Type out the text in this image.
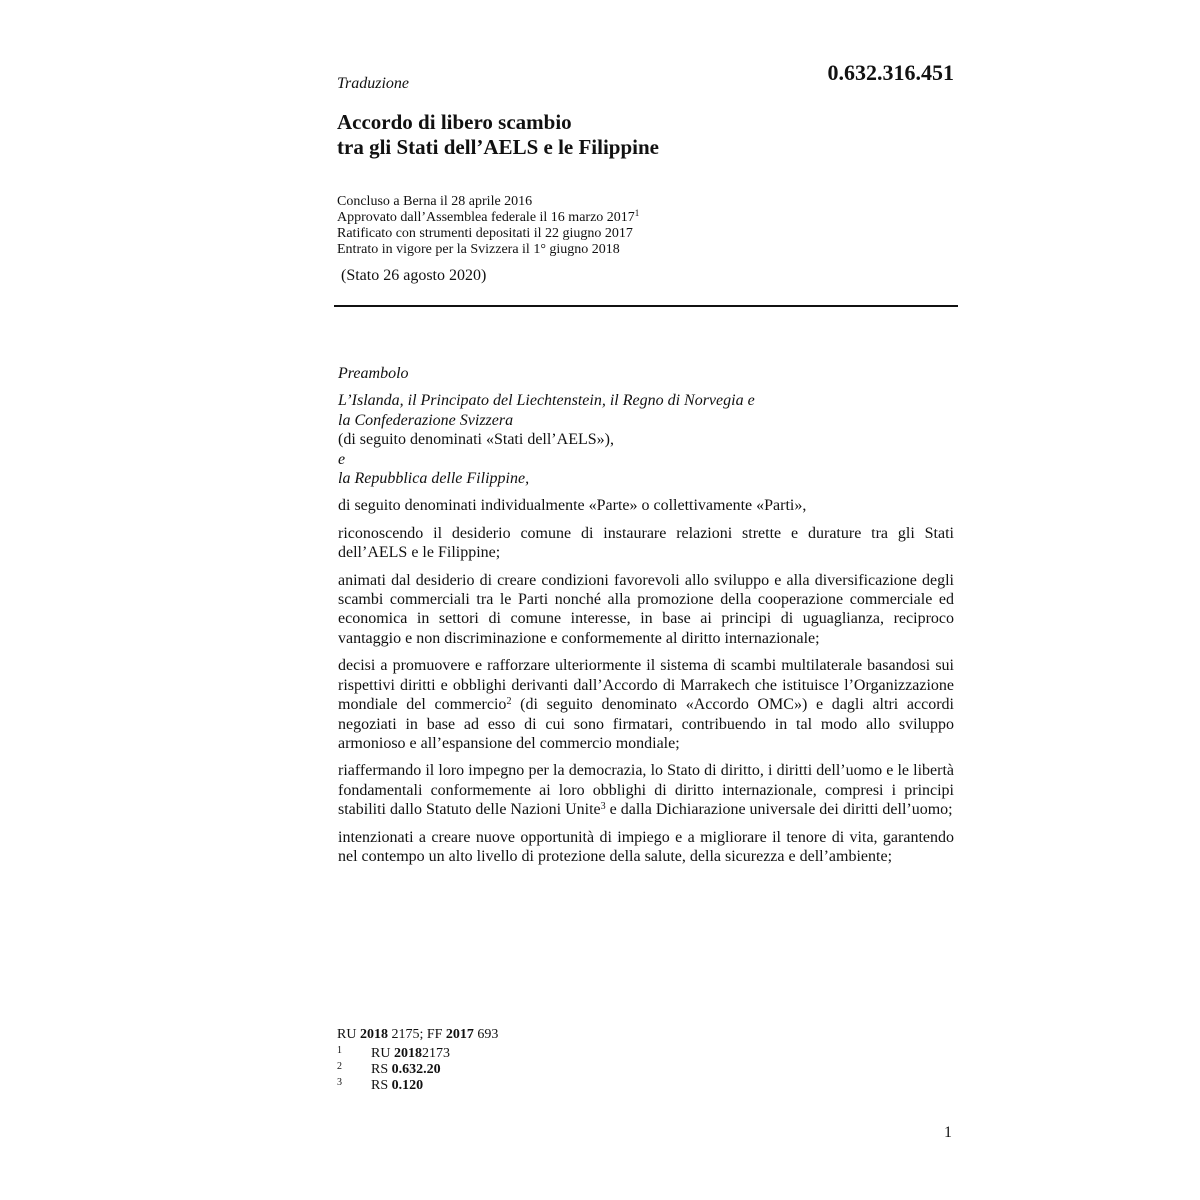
0.632.316.451
Traduzione
Accordo di libero scambio
tra gli Stati dell’AELS e le Filippine
Concluso a Berna il 28 aprile 2016
Approvato dall’Assemblea federale il 16 marzo 2017$^1$
Ratificato con strumenti depositati il 22 giugno 2017
Entrato in vigore per la Svizzera il 1° giugno 2018
(Stato 26 agosto 2020)

Preambolo

L’Islanda, il Principato del Liechtenstein, il Regno di Norvegia e

la Confederazione Svizzera

(di seguito denominati «Stati dell’AELS»),

e

la Repubblica delle Filippine,

di seguito denominati individualmente «Parte» o collettivamente «Parti»,

riconoscendo il desiderio comune di instaurare relazioni strette e durature tra gli Stati dell’AELS e le Filippine;

animati dal desiderio di creare condizioni favorevoli allo sviluppo e alla diversificazione degli scambi commerciali tra le Parti nonché alla promozione della cooperazione commerciale ed economica in settori di comune interesse, in base ai principi di uguaglianza, reciproco vantaggio e non discriminazione e conformemente al diritto internazionale;

decisi a promuovere e rafforzare ulteriormente il sistema di scambi multilaterale basandosi sui rispettivi diritti e obblighi derivanti dall’Accordo di Marrakech che istituisce l’Organizzazione mondiale del commercio$^2$ (di seguito denominato «Accordo OMC») e dagli altri accordi negoziati in base ad esso di cui sono firmatari, contribuendo in tal modo allo sviluppo armonioso e all’espansione del commercio mondiale;

riaffermando il loro impegno per la democrazia, lo Stato di diritto, i diritti dell’uomo e le libertà fondamentali conformemente ai loro obblighi di diritto internazionale, compresi i principi stabiliti dallo Statuto delle Nazioni Unite$^3$ e dalla Dichiarazione universale dei diritti dell’uomo;

intenzionati a creare nuove opportunità di impiego e a migliorare il tenore di vita, garantendo nel contempo un alto livello di protezione della salute, della sicurezza e dell’ambiente;

RU 2018 2175; FF 2017 693
1	RU
2018 2173
2	RS
0.632.20
3	RS
0.120
1
